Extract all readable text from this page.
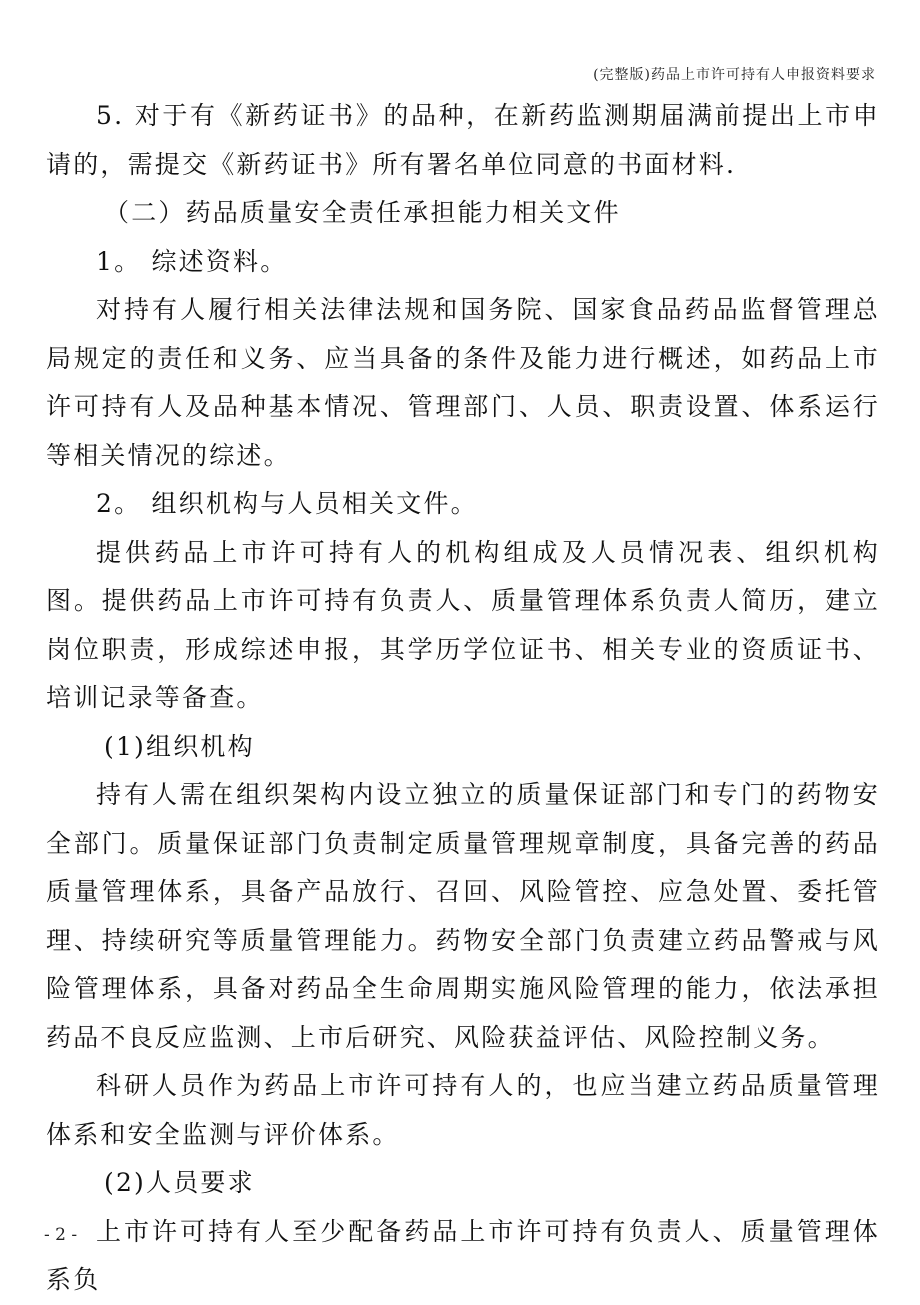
(完整版)药品上市许可持有人申报资料要求

5. 对于有《新药证书》的品种，在新药监测期届满前提出上市申请的，需提交《新药证书》所有署名单位同意的书面材料.

（二）药品质量安全责任承担能力相关文件

1。 综述资料。

对持有人履行相关法律法规和国务院、国家食品药品监督管理总局规定的责任和义务、应当具备的条件及能力进行概述，如药品上市许可持有人及品种基本情况、管理部门、人员、职责设置、体系运行等相关情况的综述。

2。 组织机构与人员相关文件。

提供药品上市许可持有人的机构组成及人员情况表、组织机构图。提供药品上市许可持有负责人、质量管理体系负责人简历，建立岗位职责，形成综述申报，其学历学位证书、相关专业的资质证书、培训记录等备查。

(1)组织机构

持有人需在组织架构内设立独立的质量保证部门和专门的药物安全部门。质量保证部门负责制定质量管理规章制度，具备完善的药品质量管理体系，具备产品放行、召回、风险管控、应急处置、委托管理、持续研究等质量管理能力。药物安全部门负责建立药品警戒与风险管理体系，具备对药品全生命周期实施风险管理的能力，依法承担药品不良反应监测、上市后研究、风险获益评估、风险控制义务。

科研人员作为药品上市许可持有人的，也应当建立药品质量管理体系和安全监测与评价体系。

(2)人员要求

上市许可持有人至少配备药品上市许可持有负责人、质量管理体系负

- 2 -
